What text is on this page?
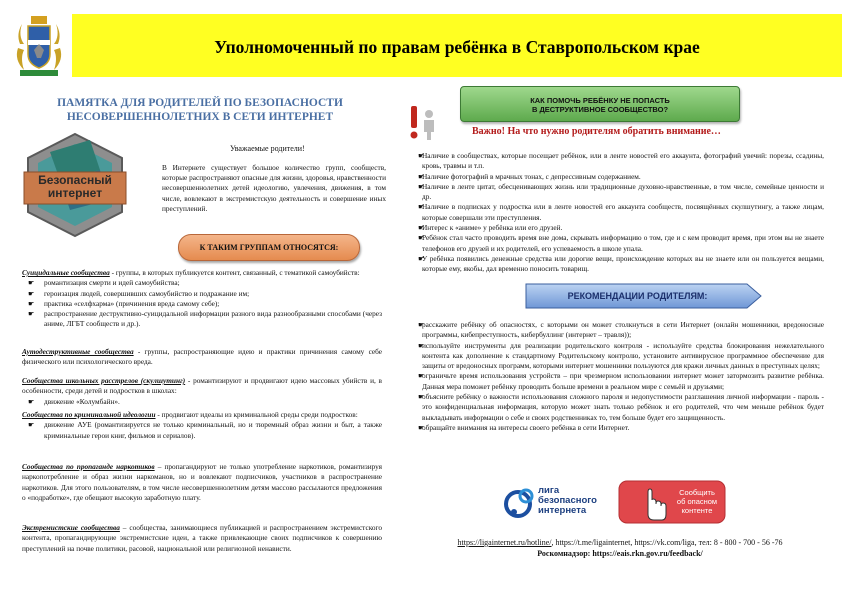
Уполномоченный по правам ребёнка в Ставропольском крае
ПАМЯТКА ДЛЯ РОДИТЕЛЕЙ ПО БЕЗОПАСНОСТИ
НЕСОВЕРШЕННОЛЕТНИХ В СЕТИ ИНТЕРНЕТ
Безопасный
интернет
Уважаемые родители!
В Интернете существует большое количество групп, сообществ, которые распространяют опасные для жизни, здоровья, нравственности несовершеннолетних детей идеологию, увлечения, движения, в том числе, вовлекают в экстремистскую деятельность и совершение иных преступлений.
К ТАКИМ ГРУППАМ ОТНОСЯТСЯ:
Суицидальные сообщества - группы, в которых публикуется контент, связанный, с тематикой самоубийств:
☛ романтизация смерти и идей самоубийства;
☛ героизация людей, совершивших самоубийство и подражание им;
☛ практика «селфхарма» (причинения вреда самому себе);
☛ распространение деструктивно-суицидальной информации разного вида разнообразными способами (через аниме, ЛГБТ сообществ и др.).
Аутодеструктивные сообщества - группы, распространяющие идею и практики причинения самому себе физического или психологического вреда.
Сообщества школьных расстрелов (скулшутинг) - романтизируют и продвигают идею массовых убийств и, в особенности, среди детей и подростков в школах:
☛ движение «Колумбайн».
Сообщества по криминальной идеологии - продвигают идеалы из криминальной среды среди подростков:
☛ движение АУЕ (романтизируется не только криминальный, но и тюремный образ жизни и быт, а также криминальные герои книг, фильмов и сериалов).
Сообщества по пропаганде наркотиков – пропагандируют не только употребление наркотиков, романтизируя наркопотребление и образ жизни наркоманов, но и вовлекают подписчиков, участников в распространение наркотиков. Для этого пользователям, в том числе несовершеннолетним детям массово рассылаются предложения о «подработке», где обещают высокую заработную плату.
Экстремистские сообщества – сообщества, занимающиеся публикацией и распространением экстремистского контента, пропагандирующие экстремистские идеи, а также привлекающие своих подписчиков к совершению преступлений на почве политики, расовой, национальной или религиозной ненависти.
КАК ПОМОЧЬ РЕБЁНКУ НЕ ПОПАСТЬ
В ДЕСТРУКТИВНОЕ СООБЩЕСТВО?
Важно! На что нужно родителям обратить внимание…
☛ Наличие в сообществах, которые посещает ребёнок, или в ленте новостей его аккаунта, фотографий увечий: порезы, ссадины, кровь, травмы и т.п.
☛ Наличие фотографий в мрачных тонах, с депрессивным содержанием.
☛ Наличие в ленте цитат, обесценивающих жизнь или традиционные духовно-нравственные, в том числе, семейные ценности и др.
☛ Наличие в подписках у подростка или в ленте новостей его аккаунта сообществ, посвящённых скулшутингу, а также лицам, которые совершали эти преступления.
☛ Интерес к «аниме» у ребёнка или его друзей.
☛ Ребёнок стал часто проводить время вне дома, скрывать информацию о том, где и с кем проводит время, при этом вы не знаете телефонов его друзей и их родителей, его успеваемость в школе упала.
☛ У ребёнка появились денежные средства или дорогие вещи, происхождение которых вы не знаете или он пользуется вещами, которые ему, якобы, дал временно поносить товарищ.
РЕКОМЕНДАЦИИ РОДИТЕЛЯМ:
☛ расскажите ребёнку об опасностях, с которыми он может столкнуться в сети Интернет (онлайн мошенники, вредоносные программы, кибепреступность, кибербуллинг (интернет – травля));
☛ используйте инструменты для реализации родительского контроля - используйте средства блокирования нежелательного контента как дополнение к стандартному Родительскому контролю, установите антивирусное программное обеспечение для защиты от вредоносных программ, которыми интернет мошенники пользуются для кражи личных данных в преступных целях;
☛ ограничьте время использования устройств – при чрезмерном использовании интернет может затормозить развитие ребёнка. Данная мера поможет ребёнку проводить больше времени в реальном мире с семьёй и друзьями;
☛ объясните ребёнку о важности использования сложного пароля и недопустимости разглашения личной информации - пароль - это конфиденциальная информация, которую может знать только ребёнок и его родителей, что чем меньше ребёнок будет выкладывать информации о себе и своих родственниках то, тем больше будет его защищенность.
☛ обращайте внимания на интересы своего ребёнка в сети Интернет.
лига
безопасного
интернета
Сообщить
об опасном
контенте
https://ligainternet.ru/hotline/, https://t.me/ligainternet, https://vk.com/liga, тел: 8 - 800 - 700 - 56 -76
Роскомнадзор: https://eais.rkn.gov.ru/feedback/
